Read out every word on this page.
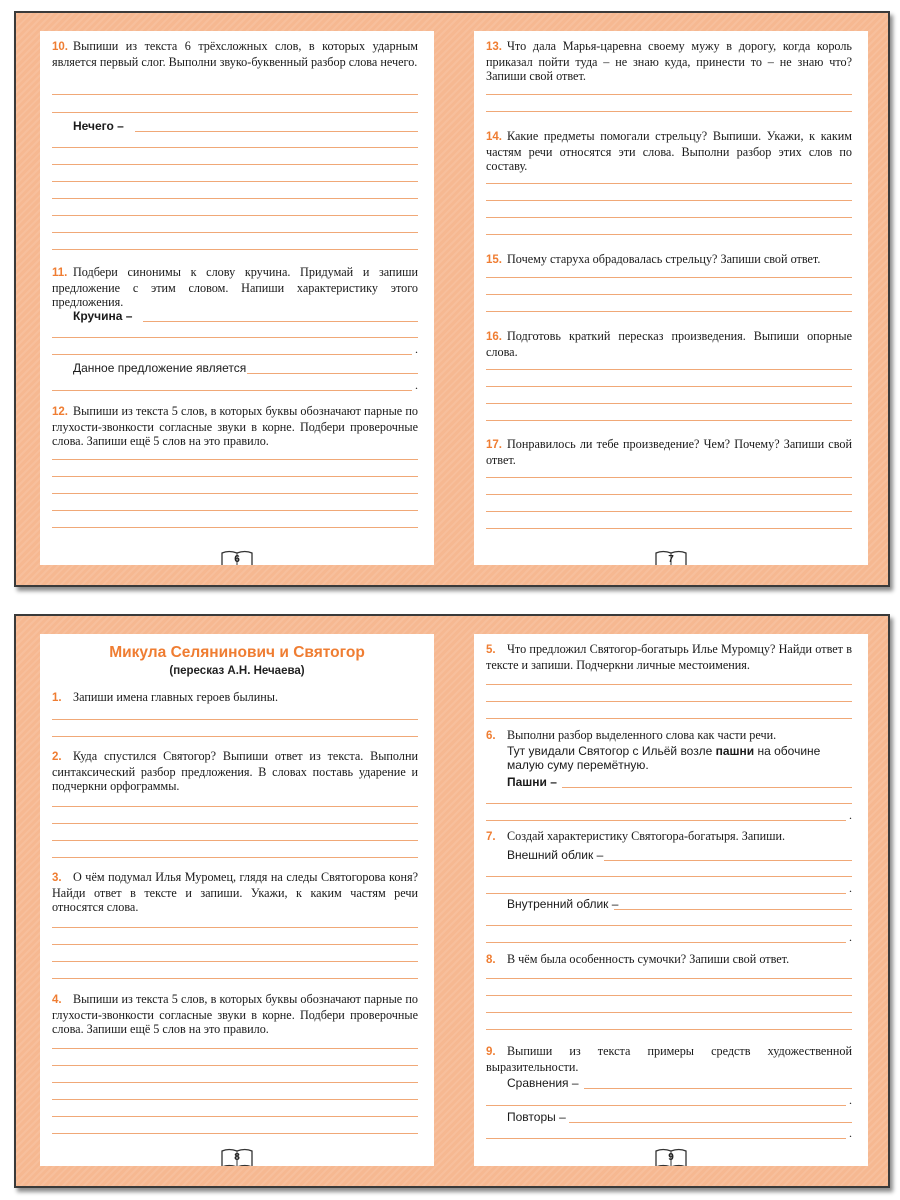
10. Выпиши из текста 6 трёхсложных слов, в которых ударным является первый слог. Выполни звуко-буквенный разбор слова нечего.

Нечего –

11. Подбери синонимы к слову кручина. Придумай и запиши предложение с этим словом. Напиши характеристику этого предложения.

Кручина –
.
Данное предложение является
.

12. Выпиши из текста 5 слов, в которых буквы обозначают парные по глухости-звонкости согласные звуки в корне. Подбери проверочные слова. Запиши ещё 5 слов на это правило.

6

13. Что дала Марья-царевна своему мужу в дорогу, когда король приказал пойти туда – не знаю куда, принести то – не знаю что? Запиши свой ответ.

14. Какие предметы помогали стрельцу? Выпиши. Укажи, к каким частям речи относятся эти слова. Выполни разбор этих слов по составу.

15. Почему старуха обрадовалась стрельцу? Запиши свой ответ.

16. Подготовь краткий пересказ произведения. Выпиши опорные слова.

17. Понравилось ли тебе произведение? Чем? Почему? Запиши свой ответ.

7
Микула Селянинович и Святогор
(пересказ А.Н. Нечаева)

1. Запиши имена главных героев былины.

2. Куда спустился Святогор? Выпиши ответ из текста. Выполни синтаксический разбор предложения. В словах поставь ударение и подчеркни орфограммы.

3. О чём подумал Илья Муромец, глядя на следы Святогорова коня? Найди ответ в тексте и запиши. Укажи, к каким частям речи относятся слова.

4. Выпиши из текста 5 слов, в которых буквы обозначают парные по глухости-звонкости согласные звуки в корне. Подбери проверочные слова. Запиши ещё 5 слов на это правило.

8

5. Что предложил Святогор-богатырь Илье Муромцу? Найди ответ в тексте и запиши. Подчеркни личные местоимения.

6. Выполни разбор выделенного слова как части речи.

Тут увидали Святогор с Ильёй возле пашни на обочине малую суму перемётную.
Пашни –
.

7. Создай характеристику Святогора-богатыря. Запиши.

Внешний облик –
.
Внутренний облик –
.

8. В чём была особенность сумочки? Запиши свой ответ.

9. Выпиши из текста примеры средств художественной выразительности.

Сравнения –
.
Повторы –
.
9
